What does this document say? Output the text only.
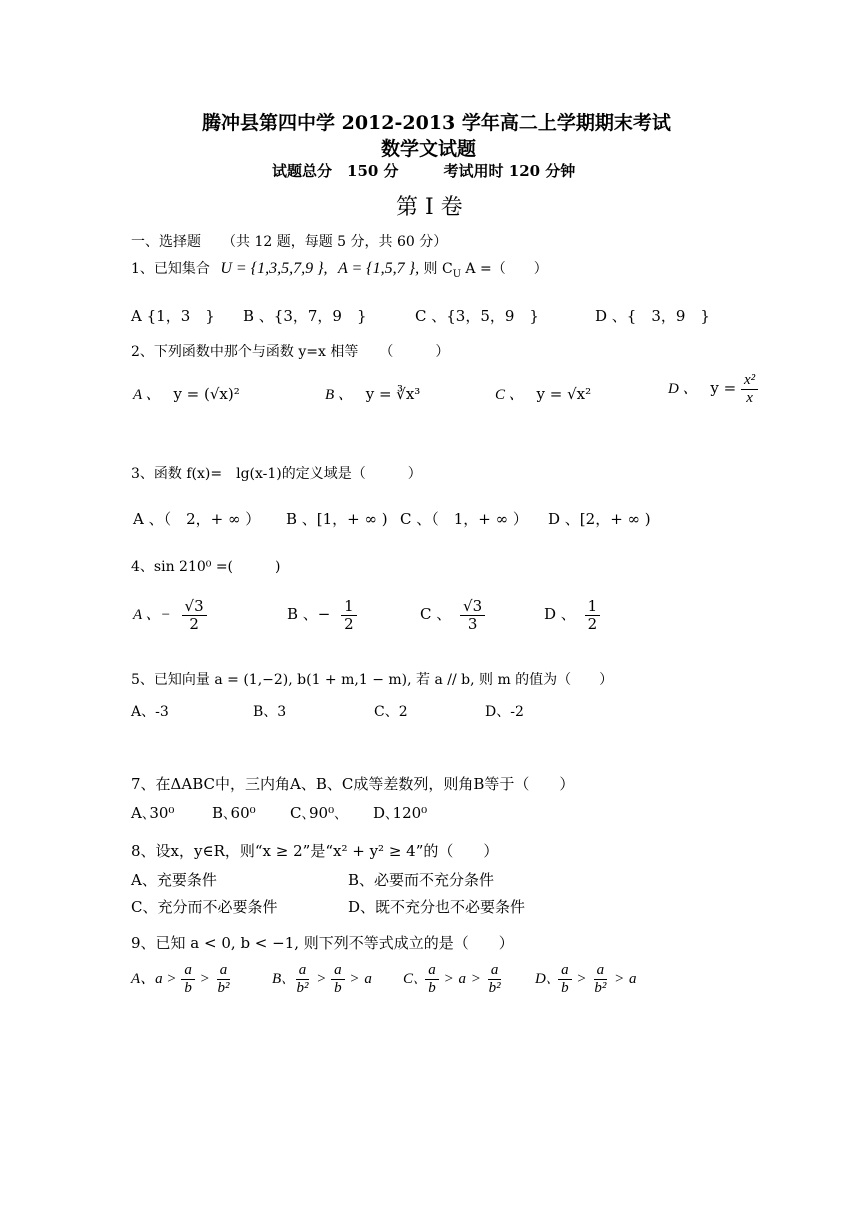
腾冲县第四中学 2012-2013 学年高二上学期期末考试
数学文试题
试题总分　150 分　　　考试用时 120 分钟
第 Ⅰ 卷
一、选择题　　（共 12 题，每题 5 分，共 60 分）
1、已知集合 U = {1,3,5,7,9 }, A = {1,5,7 }, 则 $C_U$ A =（　　）
A {1，3　} B 、{3，7，9　}	C 、{3，5，9　}	D 、{　3，9　}
2、下列函数中那个与函数 y=x 相等　　（　　　）
A 、 y = (√x)²	B 、 y = ∛x³	C 、 y = √x²	D 、 $y = \frac{\text{x²}}{x}$
3、函数 f(x)=　lg(x-1)的定义域是（　　　）
A 、（　2，+ ∞ ） B 、[1，+ ∞ ) C 、（　1，+ ∞ ） D 、[2，+ ∞ )
4、sin 210⁰ =(　　　)
A 、− $\frac{√3}{2}$	B 、− $\frac{1}{2}$	C 、 $\frac{√3}{3}$	D 、 $\frac{1}{2}$
5、已知向量 a = (1,−2), b(1 + m,1 − m), 若 a // b, 则 m 的值为（　　）
A、-3	B、3	C、2	D、-2
7、在ΔABC中，三内角A、B、C成等差数列，则角B等于（　　）
A､30⁰	B､60⁰ C､90⁰､ D､120⁰
8、设x，y∈R，则“x ≥ 2”是“x² + y² ≥ 4”的（　　）
A、充要条件	B、必要而不充分条件
C、充分而不必要条件	D、既不充分也不必要条件
9、已知 a < 0, b < −1, 则下列不等式成立的是（　　）
A、$a > \frac{a}{b} > \frac{a}{\text{b²}}$	B､ $\frac{a}{\text{b²}} > \frac{a}{b} > a$ C､ $\frac{a}{b} > a > \frac{a}{\text{b²}}$ D､ $\frac{a}{b} > \frac{a}{\text{b²}} > a$
